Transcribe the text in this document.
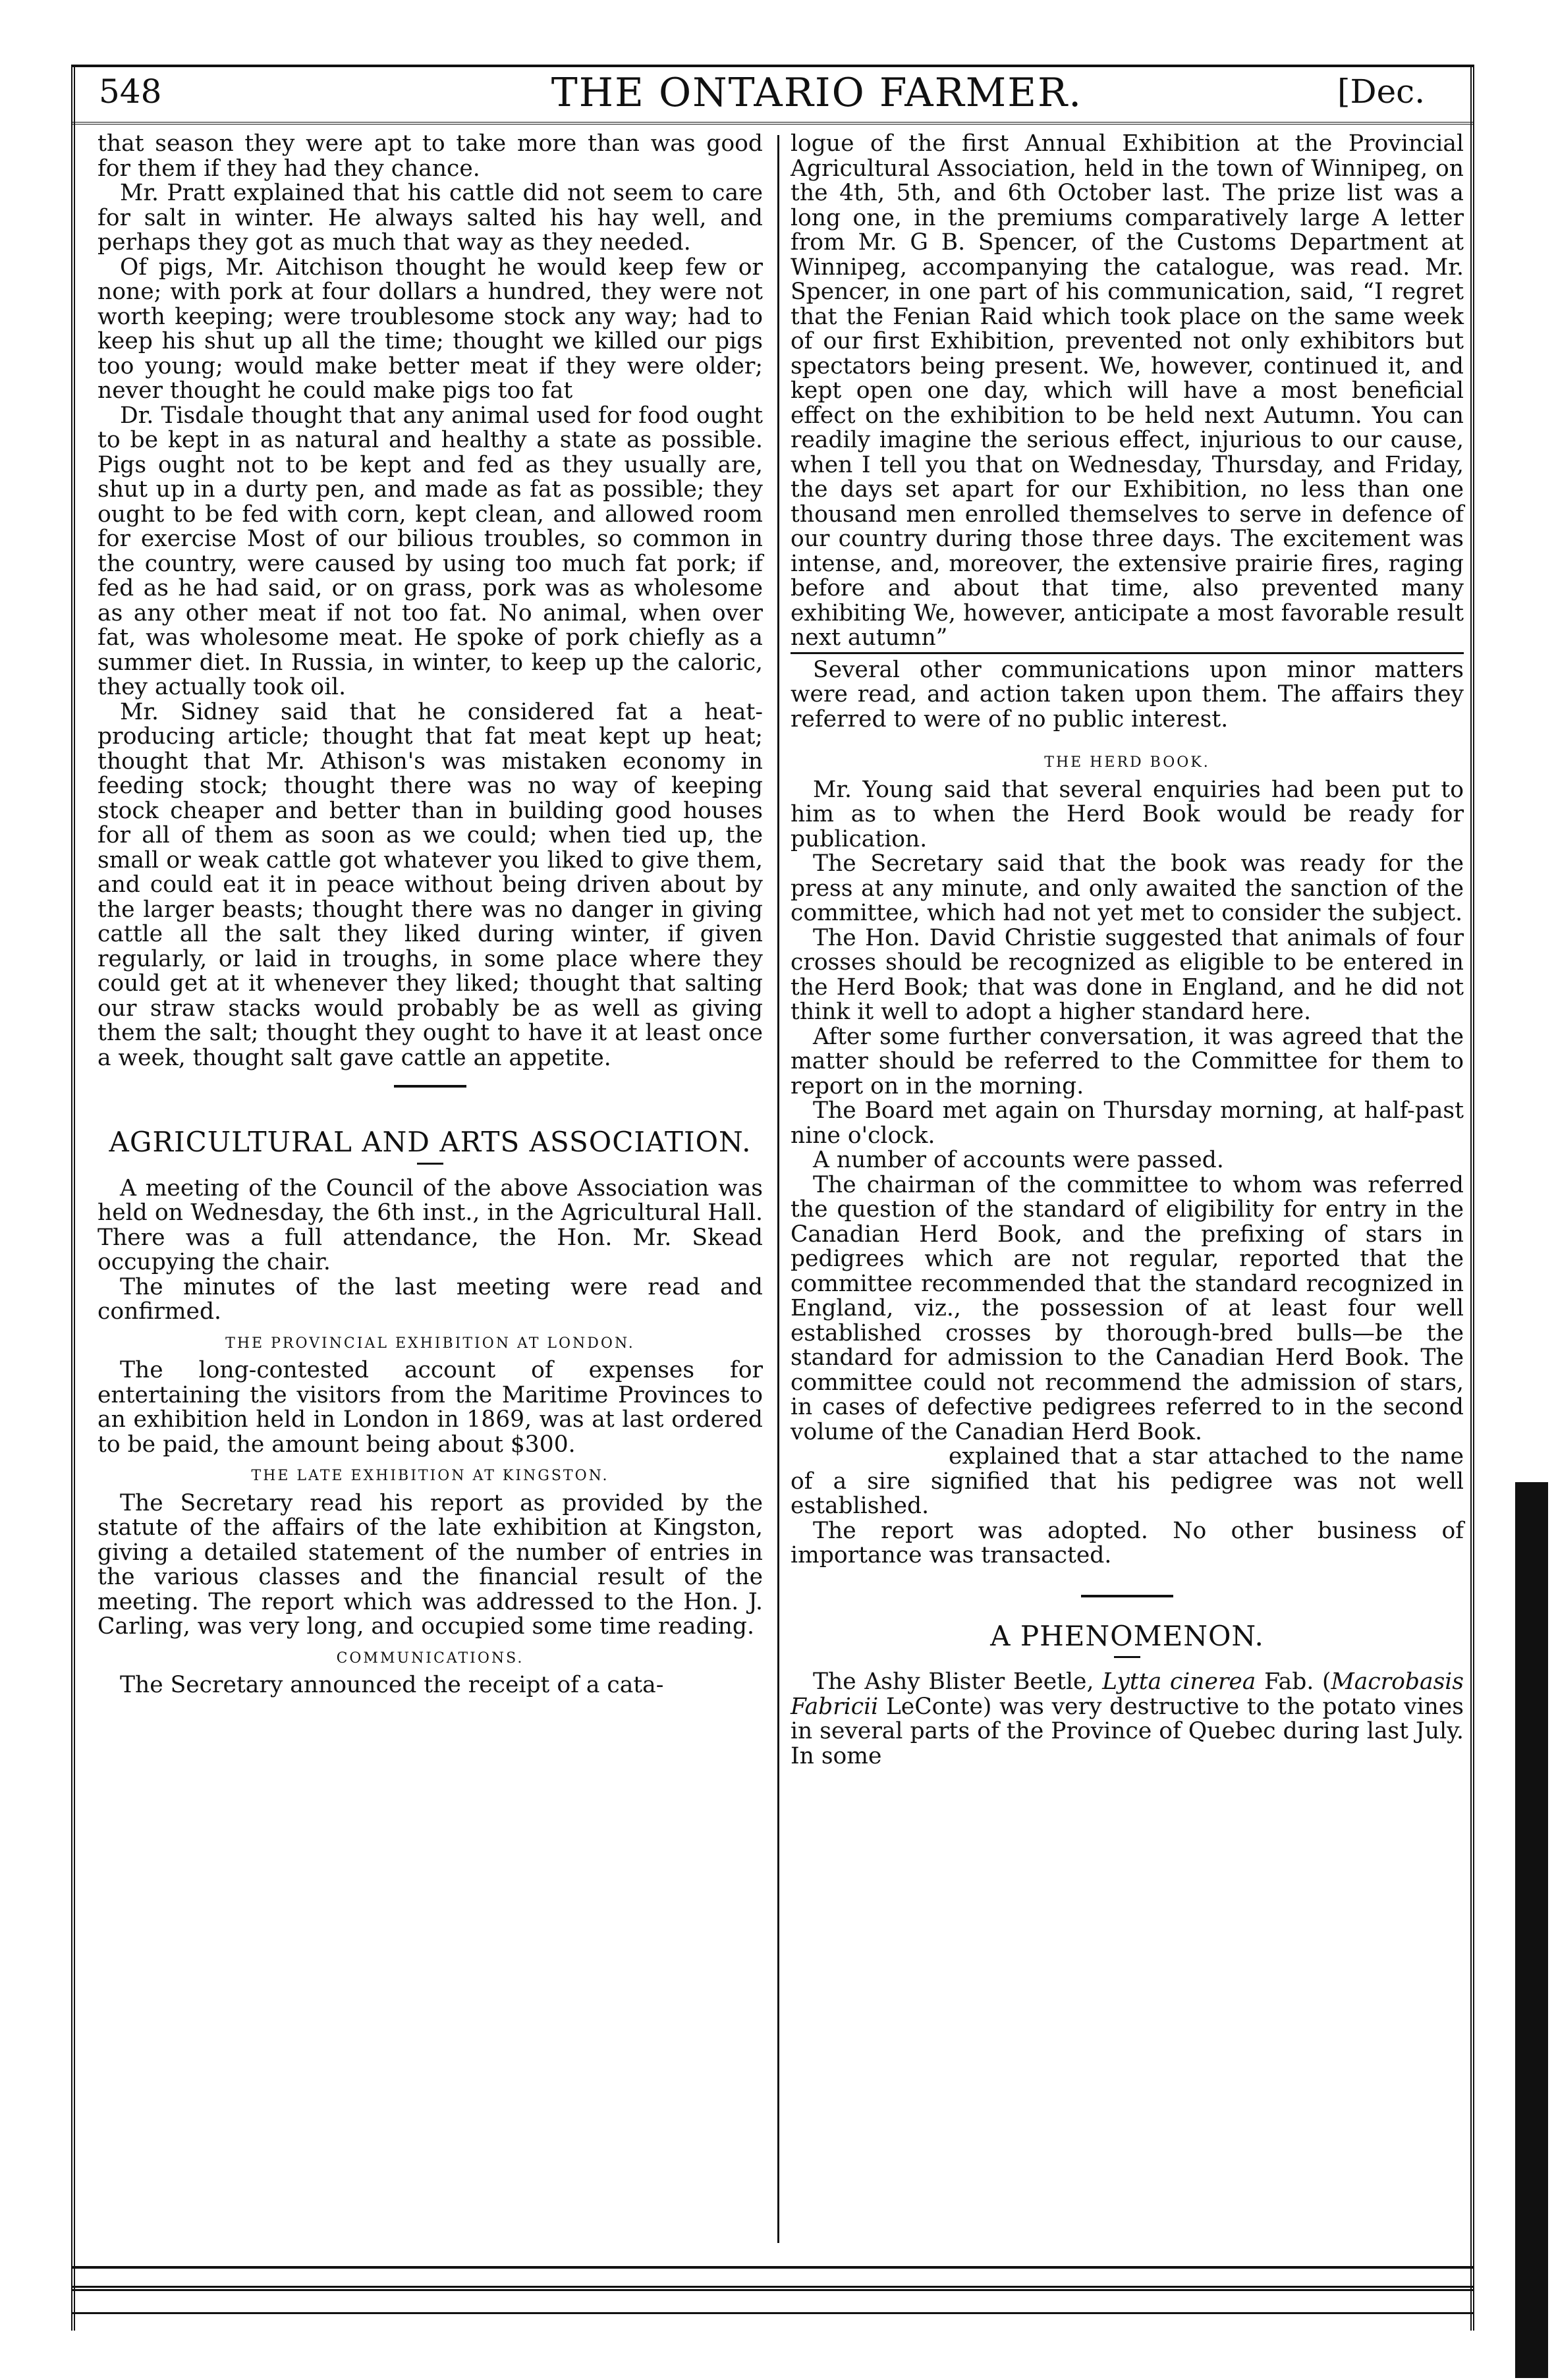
548	THE ONTARIO FARMER.	[Dec.

that season they were apt to take more than was good for them if they had they chance.

Mr. Pratt explained that his cattle did not seem to care for salt in winter. He always salted his hay well, and perhaps they got as much that way as they needed.

Of pigs, Mr. Aitchison thought he would keep few or none; with pork at four dollars a hundred, they were not worth keeping; were troublesome stock any way; had to keep his shut up all the time; thought we killed our pigs too young; would make better meat if they were older; never thought he could make pigs too fat

Dr. Tisdale thought that any animal used for food ought to be kept in as natural and healthy a state as possible. Pigs ought not to be kept and fed as they usually are, shut up in a durty pen, and made as fat as possible; they ought to be fed with corn, kept clean, and allowed room for exercise Most of our bilious troubles, so common in the country, were caused by using too much fat pork; if fed as he had said, or on grass, pork was as wholesome as any other meat if not too fat. No animal, when over fat, was wholesome meat. He spoke of pork chiefly as a summer diet. In Russia, in winter, to keep up the caloric, they actually took oil.

Mr. Sidney said that he considered fat a heat-producing article; thought that fat meat kept up heat; thought that Mr. Athison's was mistaken economy in feeding stock; thought there was no way of keeping stock cheaper and better than in building good houses for all of them as soon as we could; when tied up, the small or weak cattle got whatever you liked to give them, and could eat it in peace without being driven about by the larger beasts; thought there was no danger in giving cattle all the salt they liked during winter, if given regularly, or laid in troughs, in some place where they could get at it whenever they liked; thought that salting our straw stacks would probably be as well as giving them the salt; thought they ought to have it at least once a week, thought salt gave cattle an appetite.

AGRICULTURAL AND ARTS ASSOCIATION.

A meeting of the Council of the above Association was held on Wednesday, the 6th inst., in the Agricultural Hall. There was a full attendance, the Hon. Mr. Skead occupying the chair.

The minutes of the last meeting were read and confirmed.

THE PROVINCIAL EXHIBITION AT LONDON.

The long-contested account of expenses for entertaining the visitors from the Maritime Provinces to an exhibition held in London in 1869, was at last ordered to be paid, the amount being about $300.

THE LATE EXHIBITION AT KINGSTON.

The Secretary read his report as provided by the statute of the affairs of the late exhibition at Kingston, giving a detailed statement of the number of entries in the various classes and the financial result of the meeting. The report which was addressed to the Hon. J. Carling, was very long, and occupied some time reading.

COMMUNICATIONS.

The Secretary announced the receipt of a cata-

logue of the first Annual Exhibition at the Provincial Agricultural Association, held in the town of Winnipeg, on the 4th, 5th, and 6th October last. The prize list was a long one, in the premiums comparatively large A letter from Mr. G B. Spencer, of the Customs Department at Winnipeg, accompanying the catalogue, was read. Mr. Spencer, in one part of his communication, said, “I regret that the Fenian Raid which took place on the same week of our first Exhibition, prevented not only exhibitors but spectators being present. We, however, continued it, and kept open one day, which will have a most beneficial effect on the exhibition to be held next Autumn. You can readily imagine the serious effect, injurious to our cause, when I tell you that on Wednesday, Thursday, and Friday, the days set apart for our Exhibition, no less than one thousand men enrolled themselves to serve in defence of our country during those three days. The excitement was intense, and, moreover, the extensive prairie fires, raging before and about that time, also prevented many exhibiting We, however, anticipate a most favorable result next autumn”

Several other communications upon minor matters were read, and action taken upon them. The affairs they referred to were of no public interest.

THE HERD BOOK.

Mr. Young said that several enquiries had been put to him as to when the Herd Book would be ready for publication.

The Secretary said that the book was ready for the press at any minute, and only awaited the sanction of the committee, which had not yet met to consider the subject.

The Hon. David Christie suggested that animals of four crosses should be recognized as eligible to be entered in the Herd Book; that was done in England, and he did not think it well to adopt a higher standard here.

After some further conversation, it was agreed that the matter should be referred to the Committee for them to report on in the morning.

The Board met again on Thursday morning, at half-past nine o'clock.

A number of accounts were passed.

The chairman of the committee to whom was referred the question of the standard of eligibility for entry in the Canadian Herd Book, and the prefixing of stars in pedigrees which are not regular, reported that the committee recommended that the standard recognized in England, viz., the possession of at least four well established crosses by thorough-bred bulls—be the standard for admission to the Canadian Herd Book. The committee could not recommend the admission of stars, in cases of defective pedigrees referred to in the second volume of the Canadian Herd Book.

explained that a star attached to the name of a sire signified that his pedigree was not well established.

The report was adopted. No other business of importance was transacted.

A PHENOMENON.

The Ashy Blister Beetle, Lytta cinerea Fab. (Macrobasis Fabricii LeConte) was very destructive to the potato vines in several parts of the Province of Quebec during last July. In some
